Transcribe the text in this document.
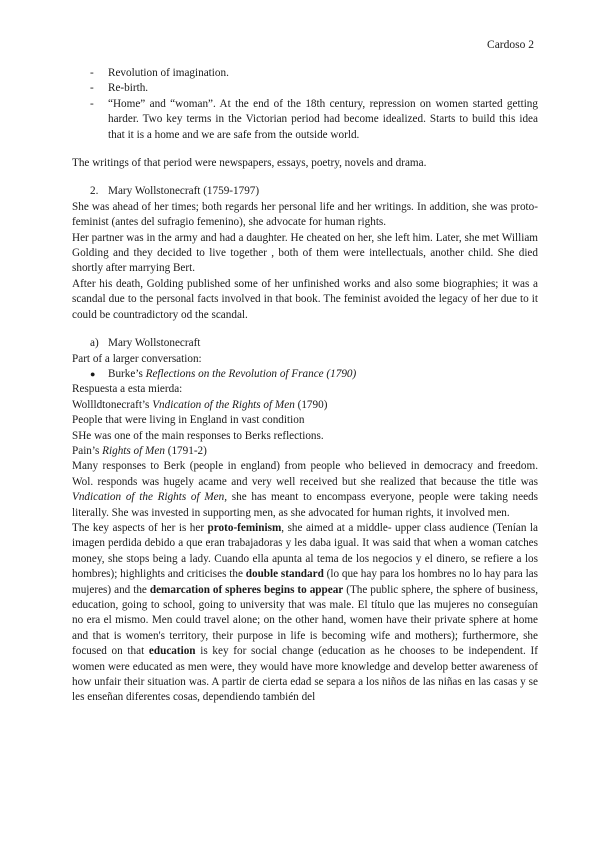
Cardoso 2
- Revolution of imagination.
- Re-birth.
- “Home” and “woman”. At the end of the 18th century, repression on women started getting harder. Two key terms in the Victorian period had become idealized. Starts to build this idea that it is a home and we are safe from the outside world.

The writings of that period were newspapers, essays, poetry, novels and drama.

2. Mary Wollstonecraft (1759-1797)

She was ahead of her times; both regards her personal life and her writings. In addition, she was proto-feminist (antes del sufragio femenino), she advocate for human rights.

Her partner was in the army and had a daughter. He cheated on her, she left him. Later, she met William Golding and they decided to live together , both of them were intellectuals, another child. She died shortly after marrying Bert.

After his death, Golding published some of her unfinished works and also some biographies; it was a scandal due to the personal facts involved in that book. The feminist avoided the legacy of her due to it could be countradictory od the scandal.

a) Mary Wollstonecraft

Part of a larger conversation:

● Burke’s Reflections on the Revolution of France (1790)

Respuesta a esta mierda:

Wollldtonecraft’s Vndication of the Rights of Men (1790)

People that were living in England in vast condition

SHe was one of the main responses to Berks reflections.

Pain’s Rights of Men (1791-2)

Many responses to Berk (people in england) from people who believed in democracy and freedom. Wol. responds was hugely acame and very well received but she realized that because the title was Vndication of the Rights of Men, she has meant to encompass everyone, people were taking needs literally. She was invested in supporting men, as she advocated for human rights, it involved men.

The key aspects of her is her proto-feminism, she aimed at a middle- upper class audience (Tenían la imagen perdida debido a que eran trabajadoras y les daba igual. It was said that when a woman catches money, she stops being a lady. Cuando ella apunta al tema de los negocios y el dinero, se refiere a los hombres); highlights and criticises the double standard (lo que hay para los hombres no lo hay para las mujeres) and the demarcation of spheres begins to appear (The public sphere, the sphere of business, education, going to school, going to university that was male. El título que las mujeres no conseguían no era el mismo. Men could travel alone; on the other hand, women have their private sphere at home and that is women's territory, their purpose in life is becoming wife and mothers); furthermore, she focused on that education is key for social change (education as he chooses to be independent. If women were educated as men were, they would have more knowledge and develop better awareness of how unfair their situation was. A partir de cierta edad se separa a los niños de las niñas en las casas y se les enseñan diferentes cosas, dependiendo también del
